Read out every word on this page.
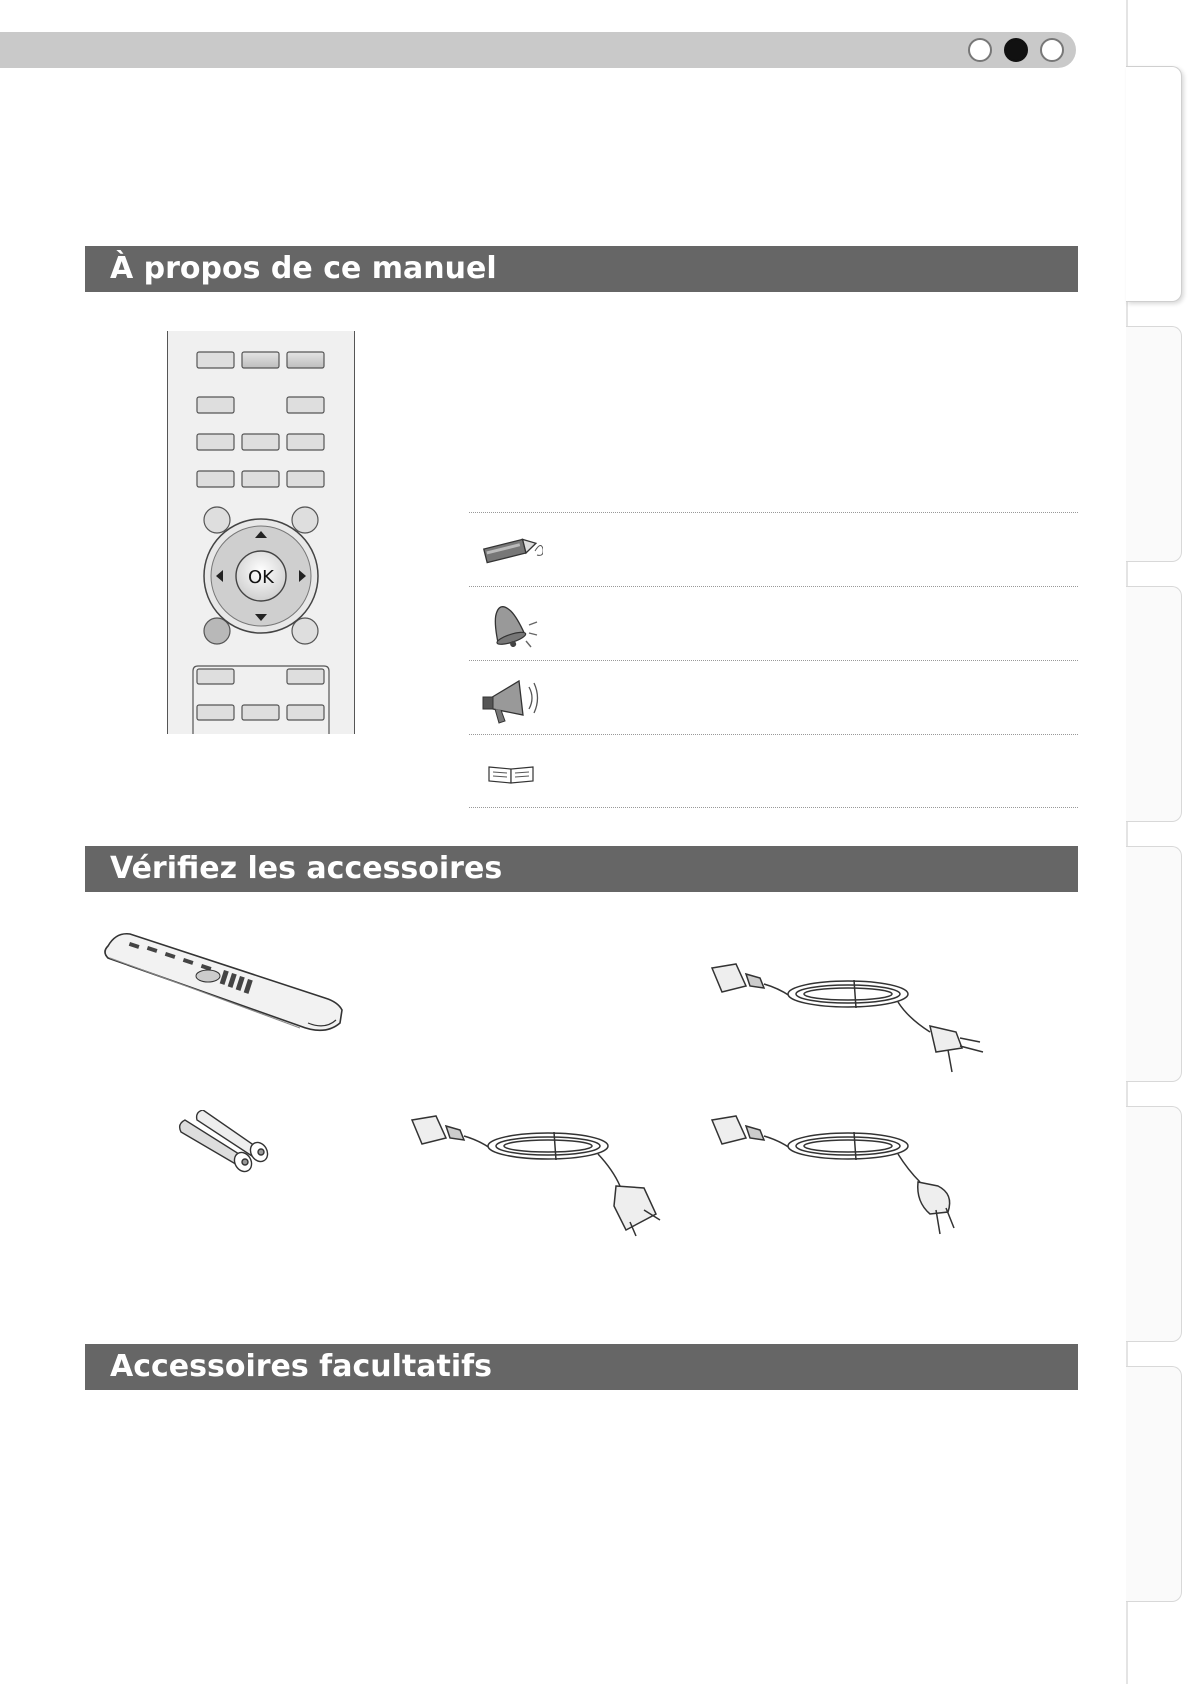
À propos de ce manuel
OK
Vérifiez les accessoires
Accessoires facultatifs
